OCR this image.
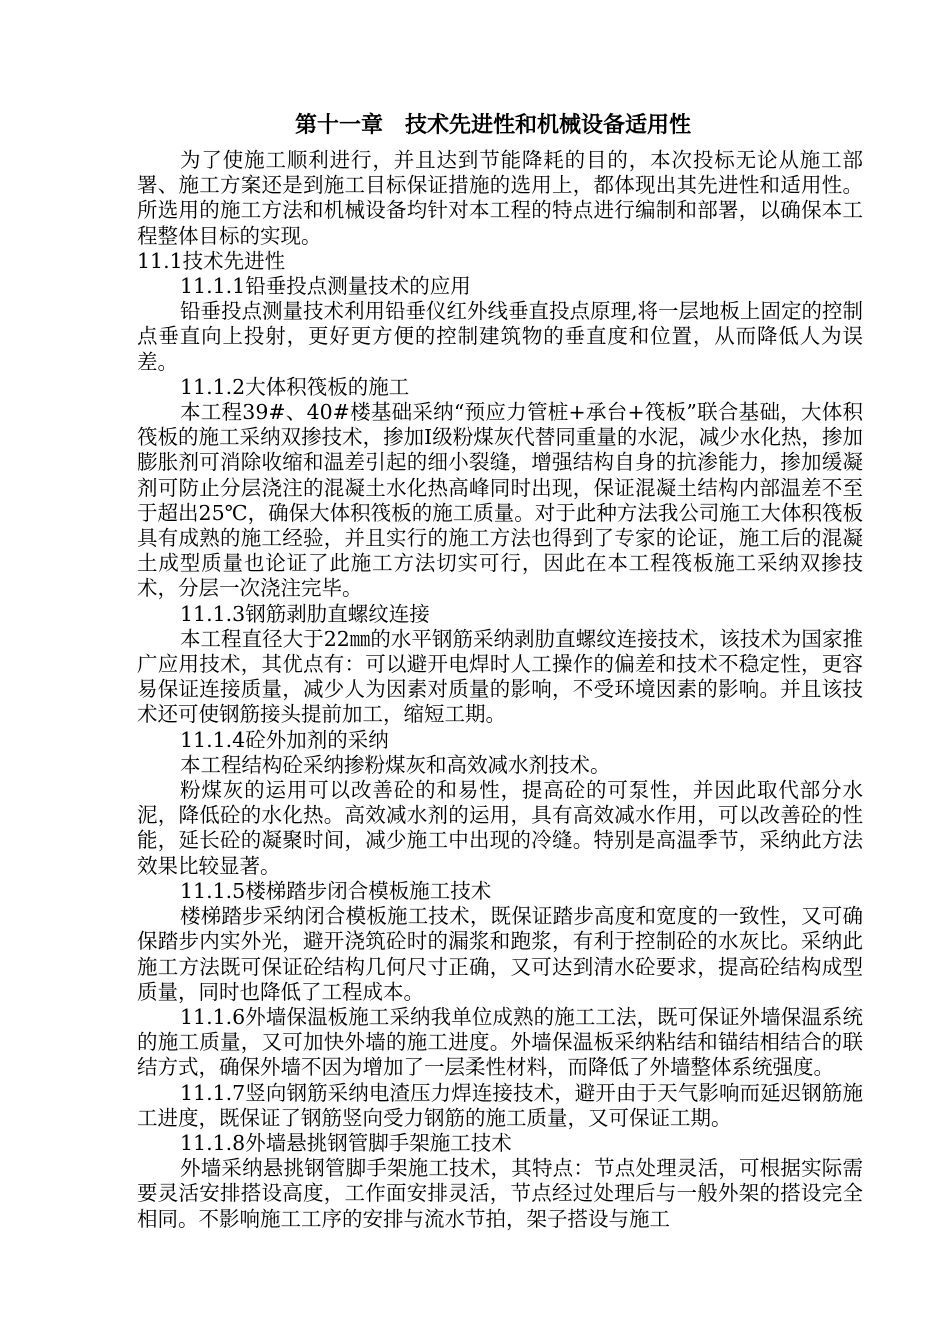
第十一章　技术先进性和机械设备适用性

为了使施工顺利进行，并且达到节能降耗的目的，本次投标无论从施工部署、施工方案还是到施工目标保证措施的选用上，都体现出其先进性和适用性。所选用的施工方法和机械设备均针对本工程的特点进行编制和部署，以确保本工程整体目标的实现。

11.1技术先进性

11.1.1铅垂投点测量技术的应用

铅垂投点测量技术利用铅垂仪红外线垂直投点原理,将一层地板上固定的控制点垂直向上投射，更好更方便的控制建筑物的垂直度和位置，从而降低人为误差。

11.1.2大体积筏板的施工

本工程39#、40#楼基础采纳“预应力管桩+承台+筏板”联合基础，大体积筏板的施工采纳双掺技术，掺加Ⅰ级粉煤灰代替同重量的水泥，减少水化热，掺加膨胀剂可消除收缩和温差引起的细小裂缝，增强结构自身的抗渗能力，掺加缓凝剂可防止分层浇注的混凝土水化热高峰同时出现，保证混凝土结构内部温差不至于超出25℃，确保大体积筏板的施工质量。对于此种方法我公司施工大体积筏板具有成熟的施工经验，并且实行的施工方法也得到了专家的论证，施工后的混凝土成型质量也论证了此施工方法切实可行，因此在本工程筏板施工采纳双掺技术，分层一次浇注完毕。

11.1.3钢筋剥肋直螺纹连接

本工程直径大于22㎜的水平钢筋采纳剥肋直螺纹连接技术，该技术为国家推广应用技术，其优点有：可以避开电焊时人工操作的偏差和技术不稳定性，更容易保证连接质量，减少人为因素对质量的影响，不受环境因素的影响。并且该技术还可使钢筋接头提前加工，缩短工期。

11.1.4砼外加剂的采纳

本工程结构砼采纳掺粉煤灰和高效减水剂技术。

粉煤灰的运用可以改善砼的和易性，提高砼的可泵性，并因此取代部分水泥，降低砼的水化热。高效减水剂的运用，具有高效减水作用，可以改善砼的性能，延长砼的凝聚时间，减少施工中出现的冷缝。特别是高温季节，采纳此方法效果比较显著。

11.1.5楼梯踏步闭合模板施工技术

楼梯踏步采纳闭合模板施工技术，既保证踏步高度和宽度的一致性，又可确保踏步内实外光，避开浇筑砼时的漏浆和跑浆，有利于控制砼的水灰比。采纳此施工方法既可保证砼结构几何尺寸正确，又可达到清水砼要求，提高砼结构成型质量，同时也降低了工程成本。

11.1.6外墙保温板施工采纳我单位成熟的施工工法，既可保证外墙保温系统的施工质量，又可加快外墙的施工进度。外墙保温板采纳粘结和锚结相结合的联结方式，确保外墙不因为增加了一层柔性材料，而降低了外墙整体系统强度。

11.1.7竖向钢筋采纳电渣压力焊连接技术，避开由于天气影响而延迟钢筋施工进度，既保证了钢筋竖向受力钢筋的施工质量，又可保证工期。

11.1.8外墙悬挑钢管脚手架施工技术

外墙采纳悬挑钢管脚手架施工技术，其特点：节点处理灵活，可根据实际需要灵活安排搭设高度，工作面安排灵活，节点经过处理后与一般外架的搭设完全相同。不影响施工工序的安排与流水节拍，架子搭设与施工
